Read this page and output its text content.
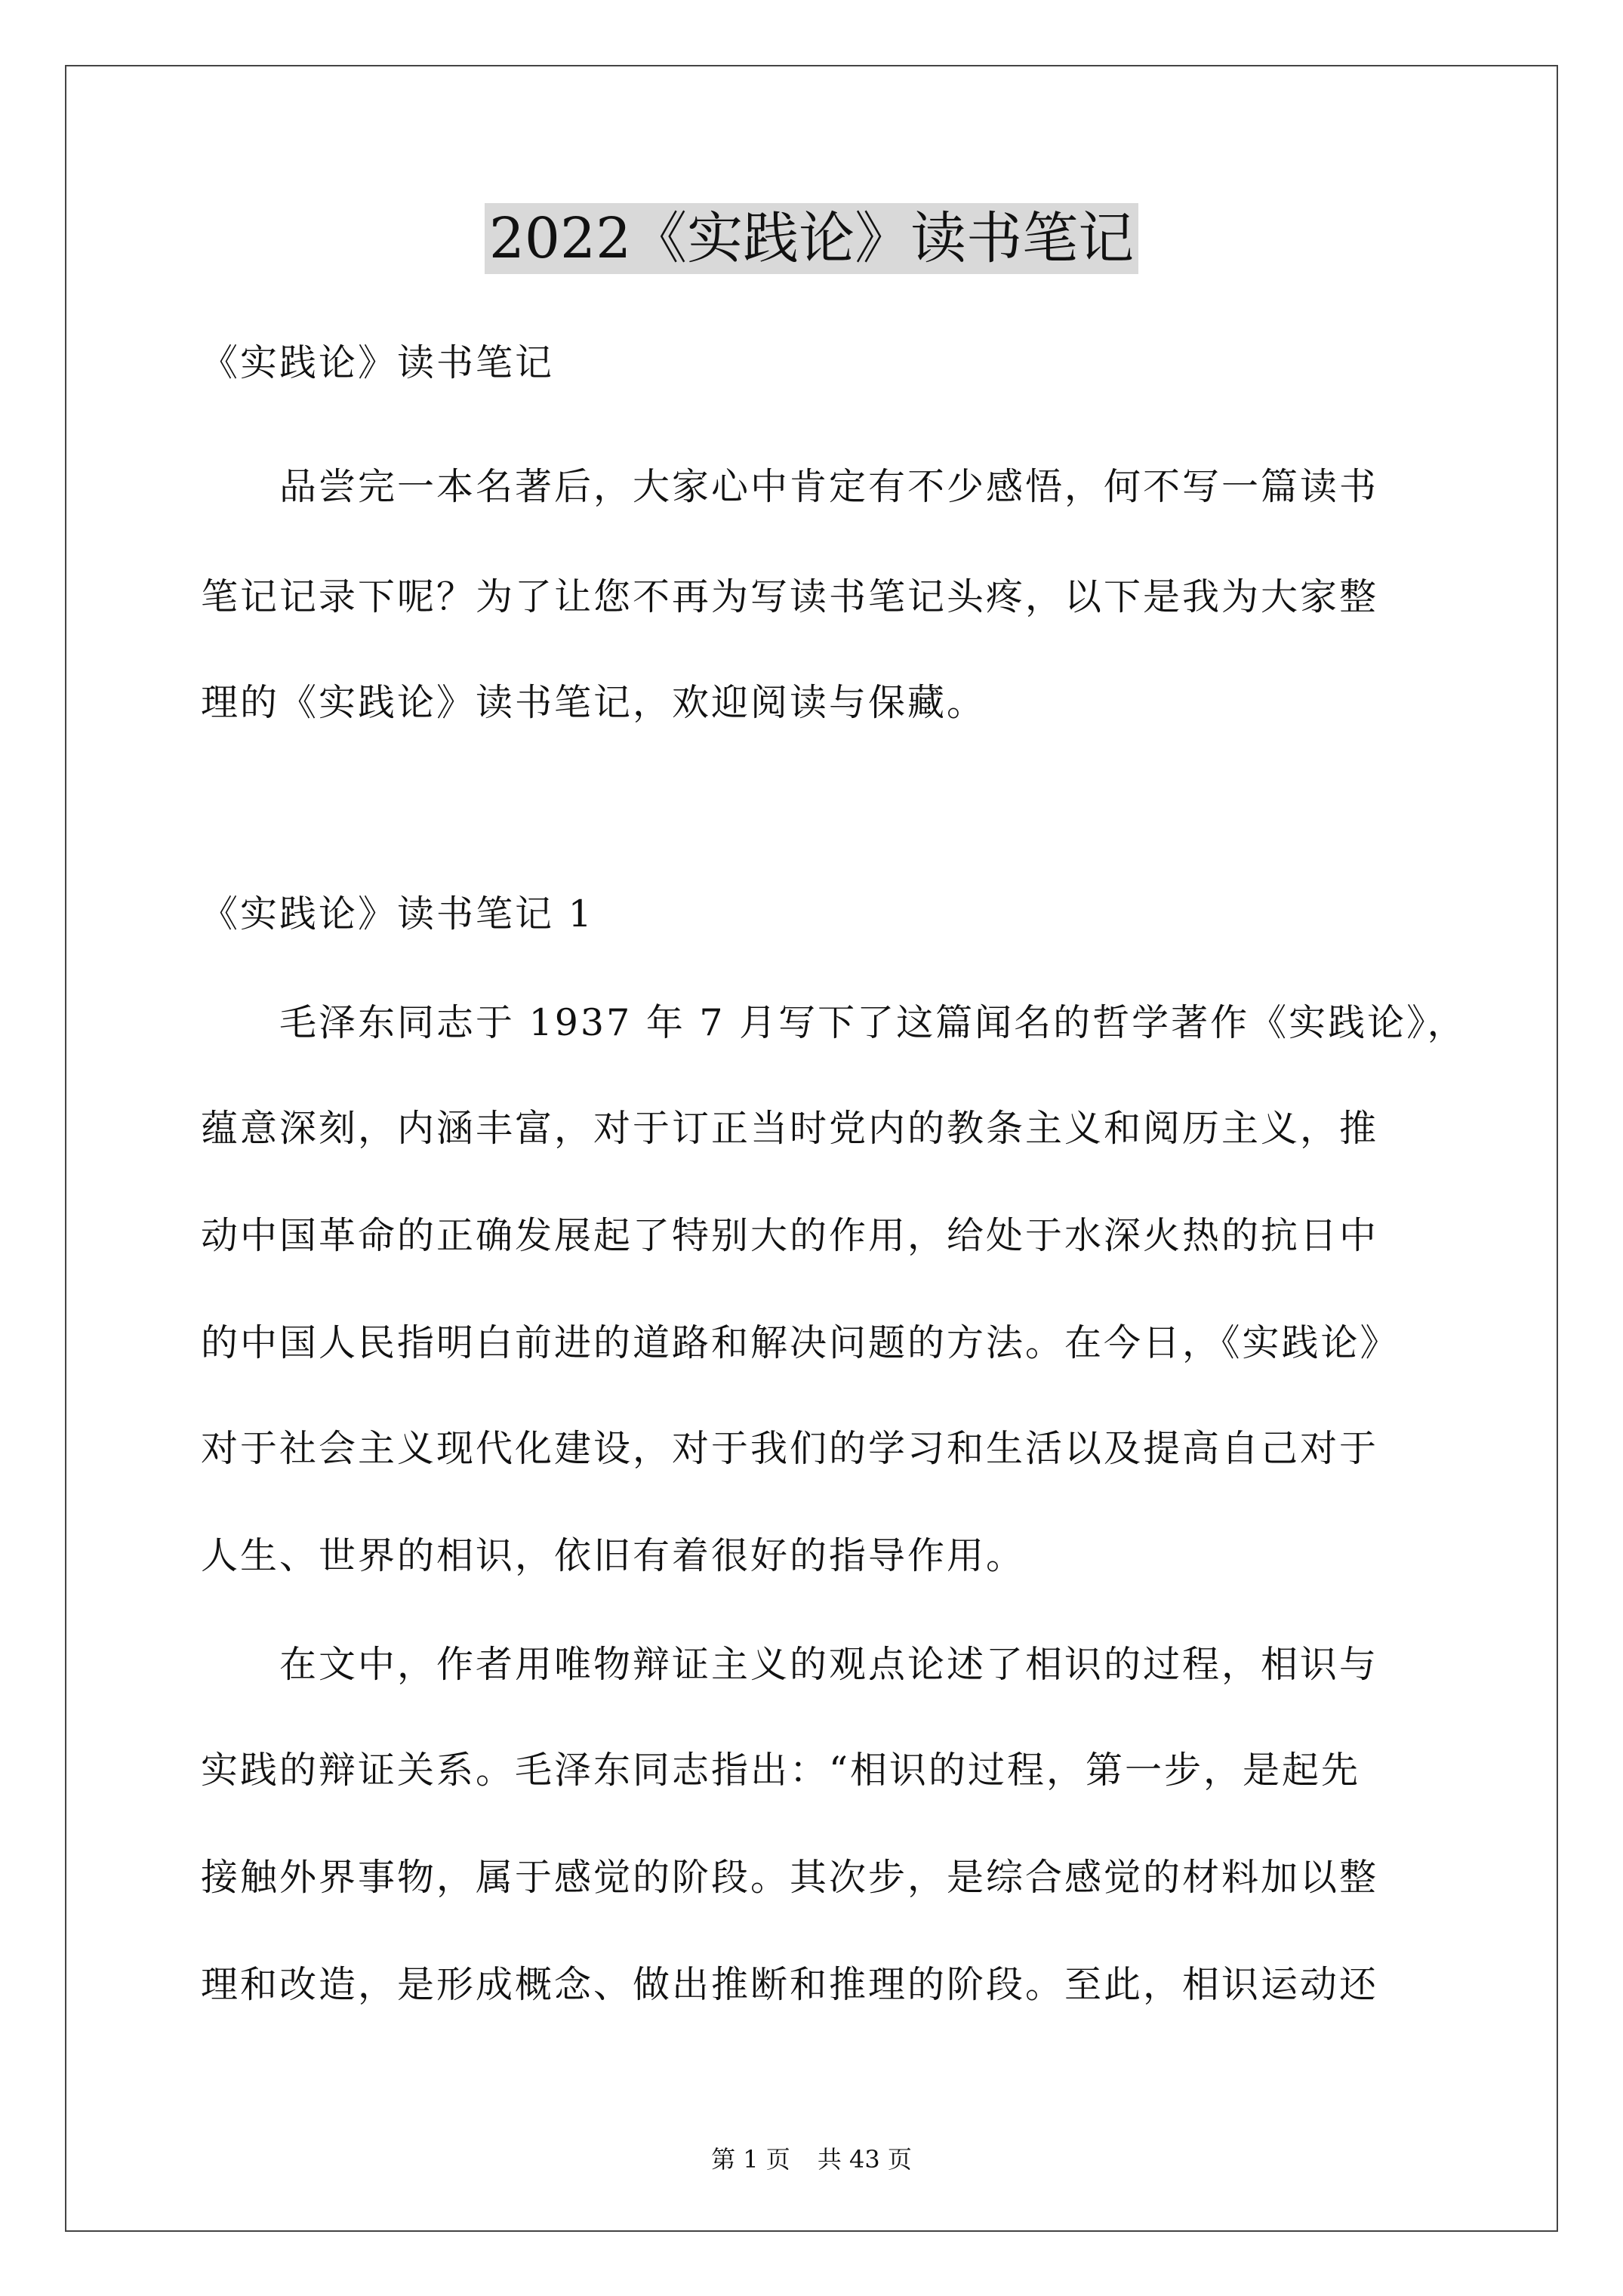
2022《实践论》读书笔记
《实践论》读书笔记
品尝完一本名著后，大家心中肯定有不少感悟，何不写一篇读书
笔记记录下呢？为了让您不再为写读书笔记头疼，以下是我为大家整
理的《实践论》读书笔记，欢迎阅读与保藏。
《实践论》读书笔记 1
毛泽东同志于 1937 年 7 月写下了这篇闻名的哲学著作《实践论》，
蕴意深刻，内涵丰富，对于订正当时党内的教条主义和阅历主义，推
动中国革命的正确发展起了特别大的作用，给处于水深火热的抗日中
的中国人民指明白前进的道路和解决问题的方法。在今日，《实践论》
对于社会主义现代化建设，对于我们的学习和生活以及提高自己对于
人生、世界的相识，依旧有着很好的指导作用。
在文中，作者用唯物辩证主义的观点论述了相识的过程，相识与
实践的辩证关系。毛泽东同志指出：“相识的过程，第一步，是起先
接触外界事物，属于感觉的阶段。其次步，是综合感觉的材料加以整
理和改造，是形成概念、做出推断和推理的阶段。至此，相识运动还
第 1 页 共 43 页
